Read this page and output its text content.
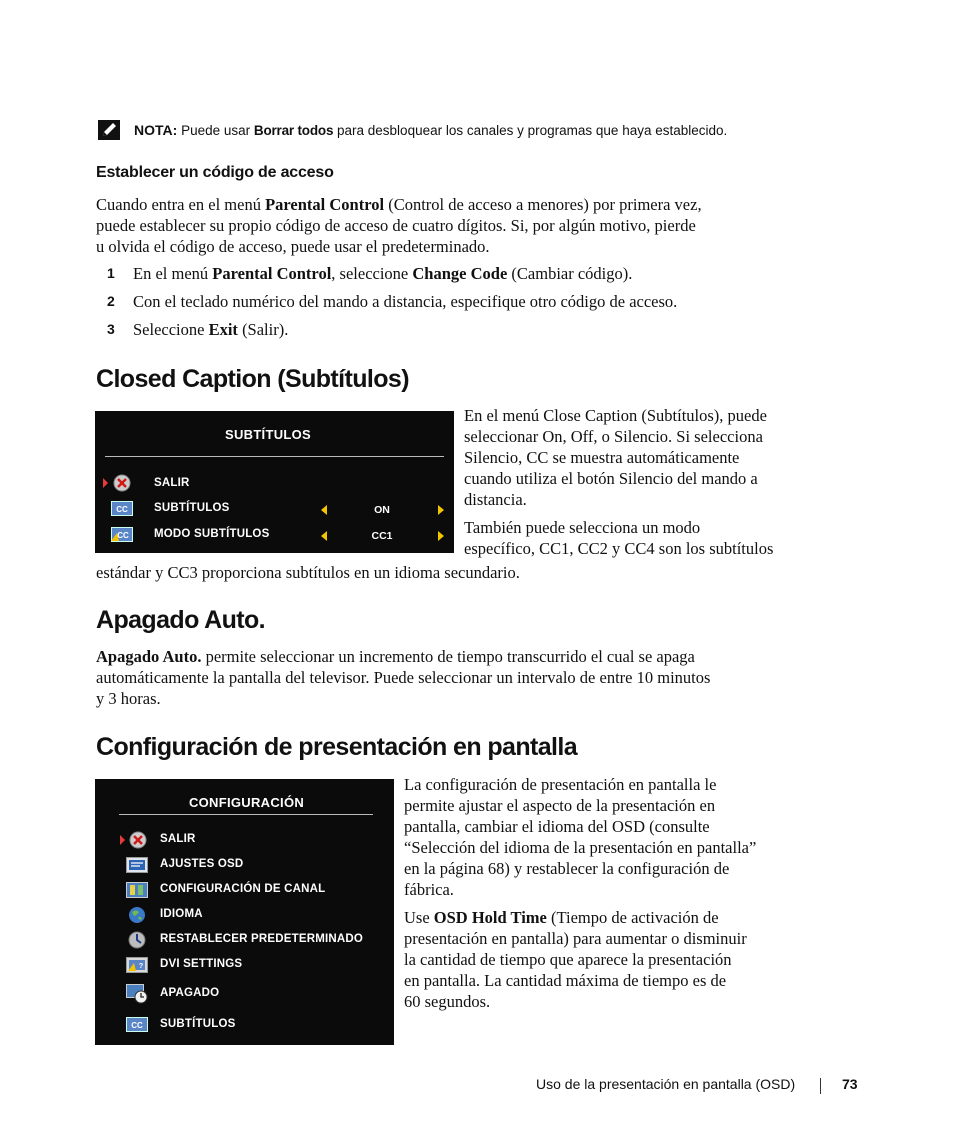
NOTA: Puede usar Borrar todos para desbloquear los canales y programas que haya establecido.
Establecer un código de acceso
Cuando entra en el menú Parental Control (Control de acceso a menores) por primera vez,
puede establecer su propio código de acceso de cuatro dígitos. Si, por algún motivo, pierde
u olvida el código de acceso, puede usar el predeterminado.
1 En el menú Parental Control, seleccione Change Code (Cambiar código).
2 Con el teclado numérico del mando a distancia, especifique otro código de acceso.
3 Seleccione Exit (Salir).
Closed Caption (Subtítulos)
SUBTÍTULOS
SALIR
CC SUBTÍTULOS	ON
CC MODO SUBTÍTULOS	CC1
En el menú Close Caption (Subtítulos), puede
seleccionar On, Off, o Silencio. Si selecciona
Silencio, CC se muestra automáticamente
cuando utiliza el botón Silencio del mando a
distancia.
También puede selecciona un modo
específico, CC1, CC2 y CC4 son los subtítulos
estándar y CC3 proporciona subtítulos en un idioma secundario.
Apagado Auto.
Apagado Auto. permite seleccionar un incremento de tiempo transcurrido el cual se apaga
automáticamente la pantalla del televisor. Puede seleccionar un intervalo de entre 10 minutos
y 3 horas.
Configuración de presentación en pantalla
CONFIGURACIÓN
SALIR
AJUSTES OSD
CONFIGURACIÓN DE CANAL
IDIOMA
RESTABLECER PREDETERMINADO
? DVI SETTINGS
APAGADO
CC SUBTÍTULOS
La configuración de presentación en pantalla le
permite ajustar el aspecto de la presentación en
pantalla, cambiar el idioma del OSD (consulte
“Selección del idioma de la presentación en pantalla”
en la página 68) y restablecer la configuración de
fábrica.
Use OSD Hold Time (Tiempo de activación de
presentación en pantalla) para aumentar o disminuir
la cantidad de tiempo que aparece la presentación
en pantalla. La cantidad máxima de tiempo es de
60 segundos.
Uso de la presentación en pantalla (OSD)	73
